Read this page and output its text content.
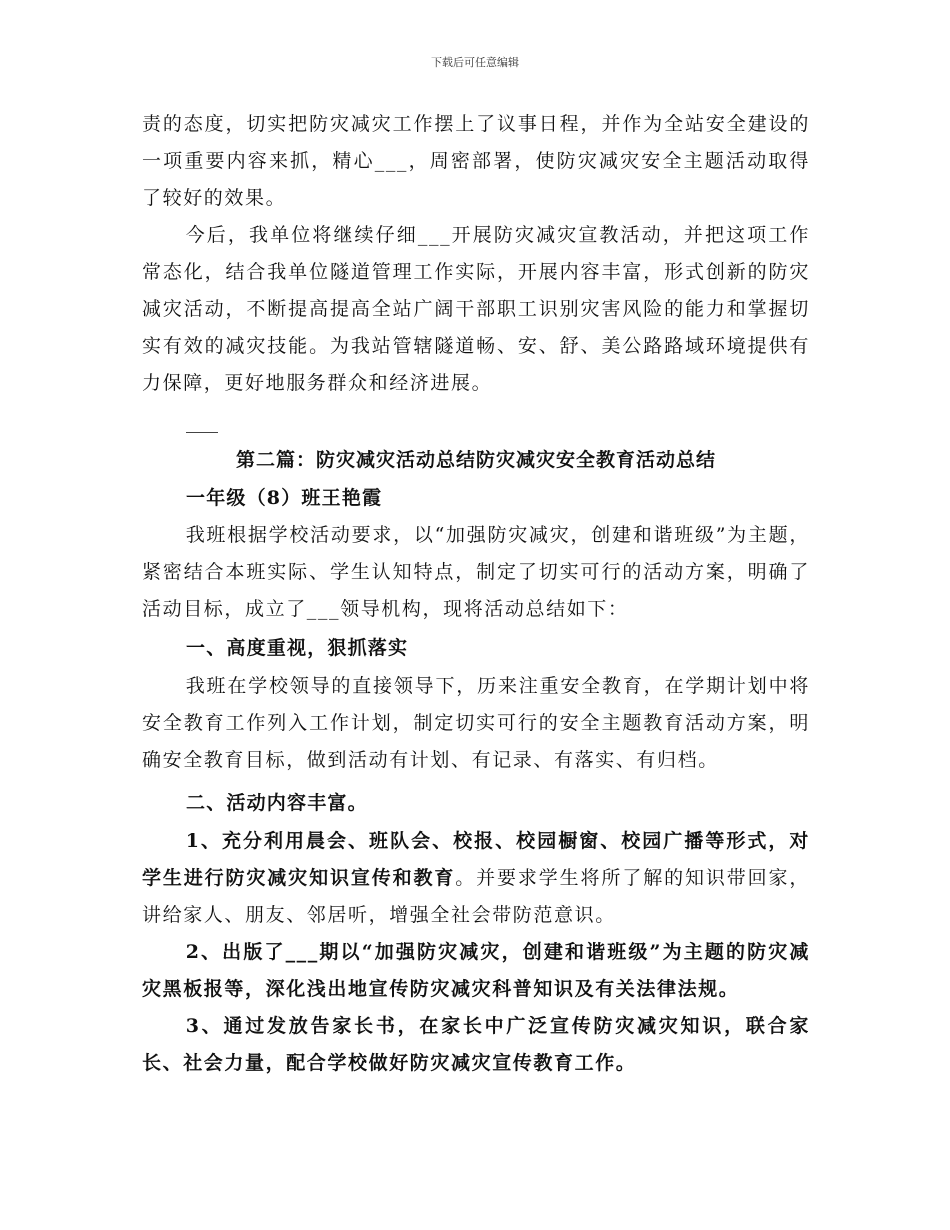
下载后可任意编辑

责的态度，切实把防灾减灾工作摆上了议事日程，并作为全站安全建设的一项重要内容来抓，精心___，周密部署，使防灾减灾安全主题活动取得了较好的效果。

今后，我单位将继续仔细___开展防灾减灾宣教活动，并把这项工作常态化，结合我单位隧道管理工作实际，开展内容丰富，形式创新的防灾减灾活动，不断提高提高全站广阔干部职工识别灾害风险的能力和掌握切实有效的减灾技能。为我站管辖隧道畅、安、舒、美公路路域环境提供有力保障，更好地服务群众和经济进展。

第二篇：防灾减灾活动总结防灾减灾安全教育活动总结

一年级（8）班王艳霞

我班根据学校活动要求，以“加强防灾减灾，创建和谐班级”为主题，紧密结合本班实际、学生认知特点，制定了切实可行的活动方案，明确了活动目标，成立了___领导机构，现将活动总结如下：

一、高度重视，狠抓落实

我班在学校领导的直接领导下，历来注重安全教育，在学期计划中将安全教育工作列入工作计划，制定切实可行的安全主题教育活动方案，明确安全教育目标，做到活动有计划、有记录、有落实、有归档。

二、活动内容丰富。

1、充分利用晨会、班队会、校报、校园橱窗、校园广播等形式，对学生进行防灾减灾知识宣传和教育。并要求学生将所了解的知识带回家，讲给家人、朋友、邻居听，增强全社会带防范意识。

2、出版了___期以“加强防灾减灾，创建和谐班级”为主题的防灾减灾黑板报等，深化浅出地宣传防灾减灾科普知识及有关法律法规。

3、通过发放告家长书，在家长中广泛宣传防灾减灾知识，联合家长、社会力量，配合学校做好防灾减灾宣传教育工作。
